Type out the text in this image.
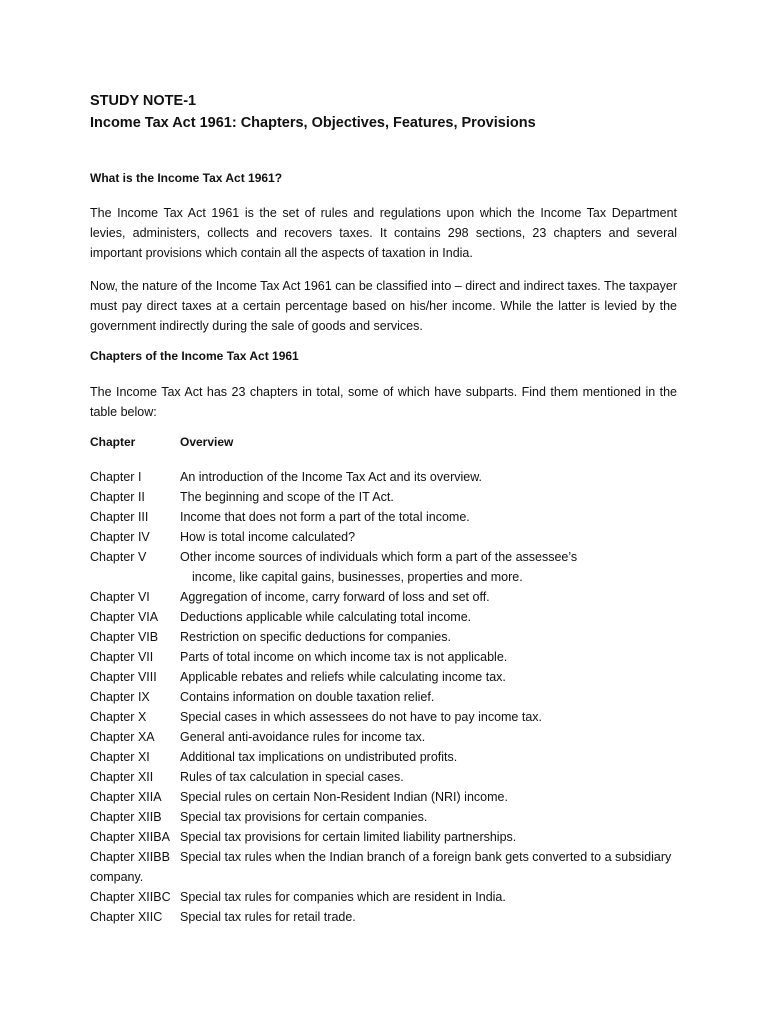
STUDY NOTE-1
Income Tax Act 1961: Chapters, Objectives, Features, Provisions
What is the Income Tax Act 1961?

The Income Tax Act 1961 is the set of rules and regulations upon which the Income Tax Department levies, administers, collects and recovers taxes. It contains 298 sections, 23 chapters and several important provisions which contain all the aspects of taxation in India.

Now, the nature of the Income Tax Act 1961 can be classified into – direct and indirect taxes. The taxpayer must pay direct taxes at a certain percentage based on his/her income. While the latter is levied by the government indirectly during the sale of goods and services.

Chapters of the Income Tax Act 1961

The Income Tax Act has 23 chapters in total, some of which have subparts. Find them mentioned in the table below:

Chapter	Overview
Chapter I	An introduction of the Income Tax Act and its overview.
Chapter II	The beginning and scope of the IT Act.
Chapter III	Income that does not form a part of the total income.
Chapter IV How is total income calculated?
Chapter V	Other income sources of individuals which form a part of the assessee’s
income, like capital gains, businesses, properties and more.
Chapter VI Aggregation of income, carry forward of loss and set off.
Chapter VIA Deductions applicable while calculating total income.
Chapter VIB Restriction on specific deductions for companies.
Chapter VII Parts of total income on which income tax is not applicable.
Chapter VIII Applicable rebates and reliefs while calculating income tax.
Chapter IX Contains information on double taxation relief.
Chapter X	Special cases in which assessees do not have to pay income tax.
Chapter XA General anti-avoidance rules for income tax.
Chapter XI Additional tax implications on undistributed profits.
Chapter XII Rules of tax calculation in special cases.
Chapter XIIA Special rules on certain Non-Resident Indian (NRI) income.
Chapter XIIB Special tax provisions for certain companies.
Chapter XIIBA Special tax provisions for certain limited liability partnerships.
Chapter XIIBB Special tax rules when the Indian branch of a foreign bank gets converted to a subsidiary
company.
Chapter XIIBC Special tax rules for companies which are resident in India.
Chapter XIIC Special tax rules for retail trade.
